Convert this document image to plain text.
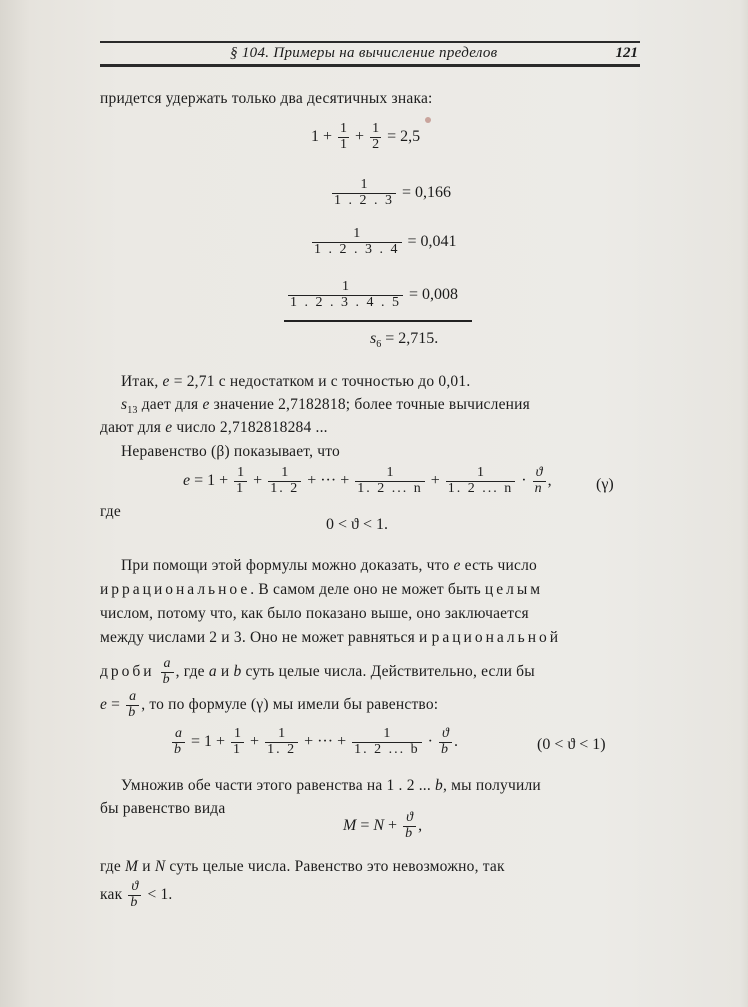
§ 104. Примеры на вычисление пределов	121
придется удержать только два десятичных знака:
$1 + \frac{1}{1} + \frac{1}{2} = 2,5$
$\frac{1}{1 . 2 . 3} = 0,166$
$\frac{1}{1 . 2 . 3 . 4} = 0,041$
$\frac{1}{1 . 2 . 3 . 4 . 5} = 0,008$
$s_6 = 2,715$.
Итак, e = 2,71 с недостатком и с точностью до 0,01.
$s_{13}$ дает для e значение 2,7182818; более точные вычисления
дают для e число 2,7182818284 ...
Неравенство (β) показывает, что
$e = 1 + \frac{1}{1} + \frac{1}{1. 2}$ + ··· + $\frac{1}{1. 2 ... n} + \frac{1}{1. 2 ... n} \cdot \frac{ϑ}{n}$ ,	(γ)
где
0 < ϑ < 1.
При помощи этой формулы можно доказать, что e есть число
иррациональное. В самом деле оно не может быть целым
числом, потому что, как было показано выше, оно заключается
между числами 2 и 3. Оно не может равняться и рациональной
дроби $\frac{a}{b}$ , где a и b суть целые числа. Действительно, если бы
$e = \frac{a}{b}$ , то по формуле (γ) мы имели бы равенство:
$\frac{a}{b} = 1 + \frac{1}{1} + \frac{1}{1. 2}$ + ··· + $\frac{1}{1. 2 ... b} \cdot \frac{ϑ}{b}$ .	(0 < ϑ < 1)
Умножив обе части этого равенства на 1 . 2 ... b, мы получили
бы равенство вида
$M = N + \frac{ϑ}{b}$ ,
где M и N суть целые числа. Равенство это невозможно, так
как $\frac{ϑ}{b} < 1$.
